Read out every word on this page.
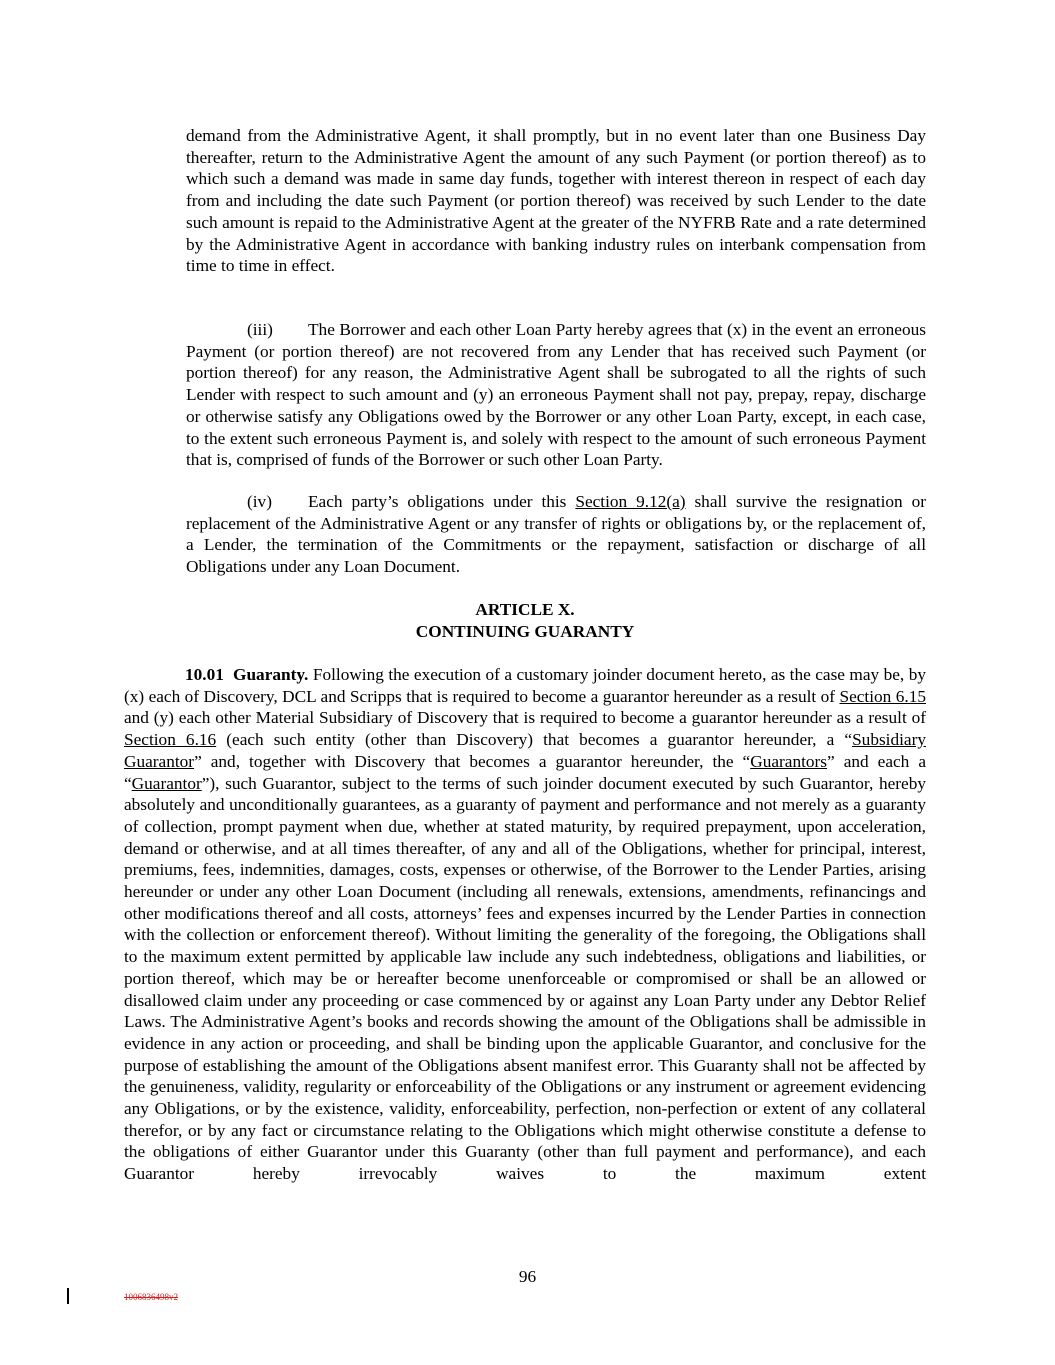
demand from the Administrative Agent, it shall promptly, but in no event later than one Business Day thereafter, return to the Administrative Agent the amount of any such Payment (or portion thereof) as to which such a demand was made in same day funds, together with interest thereon in respect of each day from and including the date such Payment (or portion thereof) was received by such Lender to the date such amount is repaid to the Administrative Agent at the greater of the NYFRB Rate and a rate determined by the Administrative Agent in accordance with banking industry rules on interbank compensation from time to time in effect.

(iii) The Borrower and each other Loan Party hereby agrees that (x) in the event an erroneous Payment (or portion thereof) are not recovered from any Lender that has received such Payment (or portion thereof) for any reason, the Administrative Agent shall be subrogated to all the rights of such Lender with respect to such amount and (y) an erroneous Payment shall not pay, prepay, repay, discharge or otherwise satisfy any Obligations owed by the Borrower or any other Loan Party, except, in each case, to the extent such erroneous Payment is, and solely with respect to the amount of such erroneous Payment that is, comprised of funds of the Borrower or such other Loan Party.

(iv) Each party’s obligations under this Section 9.12(a) shall survive the resignation or replacement of the Administrative Agent or any transfer of rights or obligations by, or the replacement of, a Lender, the termination of the Commitments or the repayment, satisfaction or discharge of all Obligations under any Loan Document.

ARTICLE X.
CONTINUING GUARANTY

10.01 Guaranty. Following the execution of a customary joinder document hereto, as the case may be, by (x) each of Discovery, DCL and Scripps that is required to become a guarantor hereunder as a result of Section 6.15 and (y) each other Material Subsidiary of Discovery that is required to become a guarantor hereunder as a result of Section 6.16 (each such entity (other than Discovery) that becomes a guarantor hereunder, a “Subsidiary Guarantor” and, together with Discovery that becomes a guarantor hereunder, the “Guarantors” and each a “Guarantor”), such Guarantor, subject to the terms of such joinder document executed by such Guarantor, hereby absolutely and unconditionally guarantees, as a guaranty of payment and performance and not merely as a guaranty of collection, prompt payment when due, whether at stated maturity, by required prepayment, upon acceleration, demand or otherwise, and at all times thereafter, of any and all of the Obligations, whether for principal, interest, premiums, fees, indemnities, damages, costs, expenses or otherwise, of the Borrower to the Lender Parties, arising hereunder or under any other Loan Document (including all renewals, extensions, amendments, refinancings and other modifications thereof and all costs, attorneys’ fees and expenses incurred by the Lender Parties in connection with the collection or enforcement thereof). Without limiting the generality of the foregoing, the Obligations shall to the maximum extent permitted by applicable law include any such indebtedness, obligations and liabilities, or portion thereof, which may be or hereafter become unenforceable or compromised or shall be an allowed or disallowed claim under any proceeding or case commenced by or against any Loan Party under any Debtor Relief Laws. The Administrative Agent’s books and records showing the amount of the Obligations shall be admissible in evidence in any action or proceeding, and shall be binding upon the applicable Guarantor, and conclusive for the purpose of establishing the amount of the Obligations absent manifest error. This Guaranty shall not be affected by the genuineness, validity, regularity or enforceability of the Obligations or any instrument or agreement evidencing any Obligations, or by the existence, validity, enforceability, perfection, non-perfection or extent of any collateral therefor, or by any fact or circumstance relating to the Obligations which might otherwise constitute a defense to the obligations of either Guarantor under this Guaranty (other than full payment and performance), and each Guarantor hereby irrevocably waives to the maximum extent

96
1006836498v2
